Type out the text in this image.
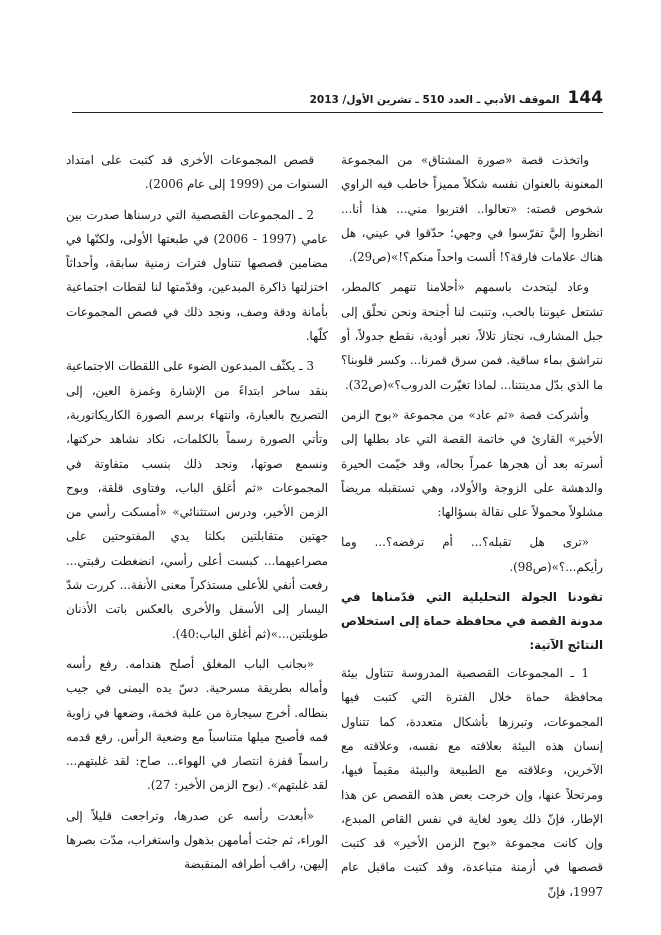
144
الموقف الأدبي ـ العدد 510 ـ تشرين الأول/ 2013

واتخذت قصة «صورة المشتاق» من المجموعة المعنونة بالعنوان نفسه شكلاً مميزاً خاطب فيه الراوي شخوص قصته: «تعالوا.. اقتربوا مني... هذا أنا... انظروا إليَّ تفرّسوا في وجهي؛ حدّقوا في عيني، هل هناك علامات فارقة؟! ألست واحداً منكم؟!»(ص29).

وعاد ليتحدث باسمهم «أحلامنا تنهمر كالمطر، تشتعل عيوننا بالحب، وتنبت لنا أجنحة ونحن نحلّق إلى جبل المشارف، نجتاز تلالاً، نعبر أودية، نقطع جدولاً، أو نتراشق بماء ساقية. فمن سرق قمرنا... وكسر قلوبنا؟ ما الذي بدّل مدينتنا... لماذا تغيّرت الدروب؟»(ص32).

وأشركت قصة «ثم عاد» من مجموعة «بوح الزمن الأخير» القارئ في خاتمة القصة التي عاد بطلها إلى أسرته بعد أن هجرها عمراً بحاله، وقد خيّمت الحيرة والدهشة على الزوجة والأولاد، وهي تستقبله مريضاً مشلولاً محمولاً على نقالة بسؤالها:

«ترى هل تقبله؟... أم ترفضه؟... وما رأيكم...؟»(ص98).

تقودنا الجولة التحليلية التي قدّمناها في مدونة القصة في محافظة حماة إلى استخلاص النتائج الآتية:

1 ـ المجموعات القصصية المدروسة تتناول بيئة محافظة حماة خلال الفترة التي كتبت فيها المجموعات، وتبرزها بأشكال متعددة، كما تتناول إنسان هذه البيئة بعلاقته مع نفسه، وعلاقته مع الآخرين، وعلاقته مع الطبيعة والبيئة مقيماً فيها، ومرتحلاً عنها، وإن خرجت بعض هذه القصص عن هذا الإطار، فإنّ ذلك يعود لغاية في نفس القاص المبدع، وإن كانت مجموعة «بوح الزمن الأخير» قد كتبت قصصها في أزمنة متباعدة، وقد كتبت ماقبل عام 1997، فإنّ

قصص المجموعات الأخرى قد كتبت على امتداد السنوات من (1999 إلى عام 2006).

2 ـ المجموعات القصصية التي درسناها صدرت بين عامي (1997 - 2006) في طبعتها الأولى، ولكنّها في مضامين قصصها تتناول فترات زمنية سابقة، وأحداثاً اختزلتها ذاكرة المبدعين، وقدّمتها لنا لقطات اجتماعية بأمانة ودقة وصف، ونجد ذلك في قصص المجموعات كلّها.

3 ـ يكثّف المبدعون الضوء على اللقطات الاجتماعية بنقد ساخر ابتداءً من الإشارة وغمزة العين، إلى التصريح بالعبارة، وانتهاء برسم الصورة الكاريكاتورية، وتأتي الصورة رسماً بالكلمات، نكاد نشاهد حركتها، ونسمع صوتها، ونجد ذلك بنسب متفاوتة في المجموعات «ثم أغلق الباب، وفتاوى قلقة، وبوح الزمن الأخير، ودرس استثنائي» «أمسكت رأسي من جهتين متقابلتين بكلتا يدي المفتوحتين على مصراعيهما... كبست أعلى رأسي، انضغطت رقبتي... رفعت أنفي للأعلى مستذكراً معنى الأنفة... كررت شدّ اليسار إلى الأسفل والأخرى بالعكس باتت الأذنان طويلتين...»(ثم أغلق الباب:40).

«بجانب الباب المغلق أصلح هندامه. رفع رأسه وأماله بطريقة مسرحية. دسّ يده اليمنى في جيب بنطاله. أخرج سيجارة من علبة فخمة، وضعها في زاوية فمه فأصبح ميلها متناسباً مع وضعية الرأس. رفع قدمه راسماً قفزة انتصار في الهواء... صاح: لقد غلبتهم... لقد غلبتهم». (بوح الزمن الأخير: 27).

«أبعدت رأسه عن صدرها، وتراجعت قليلاً إلى الوراء، ثم جثت أمامهن بذهول واستغراب، مدّت بصرها إليهن، راقب أطرافه المنقبضة
